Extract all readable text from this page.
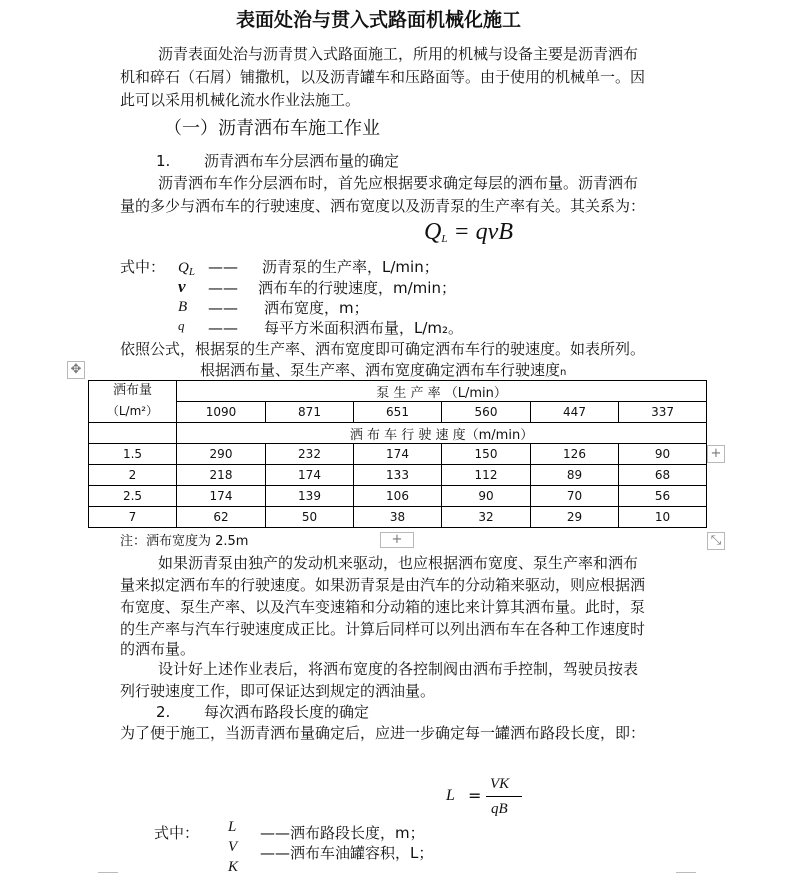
表面处治与贯入式路面机械化施工
沥青表面处治与沥青贯入式路面施工，所用的机械与设备主要是沥青洒布
机和碎石（石屑）铺撒机，以及沥青罐车和压路面等。由于使用的机械单一。因
此可以采用机械化流水作业法施工。
（一）沥青洒布车施工作业
1. 沥青洒布车分层洒布量的确定
沥青洒布车作分层洒布时，首先应根据要求确定每层的洒布量。沥青洒布
量的多少与洒布车的行驶速度、洒布宽度以及沥青泵的生产率有关。其关系为：
$Q_L$ = qvB
式中： $Q_L$ —— 沥青泵的生产率，L/min；
v —— 洒布车的行驶速度，m/min；
B —— 洒布宽度，m；
q —— 每平方米面积洒布量，L/m₂。
依照公式，根据泵的生产率、洒布宽度即可确定洒布车行的驶速度。如表所列。
✥	根据洒布量、泵生产率、洒布宽度确定洒布车行驶速度n
洒布量
（L/m²）	泵 生 产 率 （L/min）					
	1090	871	651	560	447	337
	洒 布 车 行 驶 速 度（m/min）					
1.5	290	232	174	150	126	90
2	218	174	133	112	89	68
2.5	174	139	106	90	70	56
7	62	50	38	32	29	10
+
+	⤡
注：洒布宽度为 2.5m
如果沥青泵由独产的发动机来驱动，也应根据洒布宽度、泵生产率和洒布
量来拟定洒布车的行驶速度。如果沥青泵是由汽车的分动箱来驱动，则应根据洒
布宽度、泵生产率、以及汽车变速箱和分动箱的速比来计算其洒布量。此时，泵
的生产率与汽车行驶速度成正比。计算后同样可以列出洒布车在各种工作速度时
的洒布量。
设计好上述作业表后，将洒布宽度的各控制阀由洒布手控制，驾驶员按表
列行驶速度工作，即可保证达到规定的洒油量。
2. 每次洒布路段长度的确定
为了便于施工，当沥青洒布量确定后，应进一步确定每一罐洒布路段长度，即：
L =
VK
qB
式中： L ——洒布路段长度，m；
V ——洒布车油罐容积，L；
K
